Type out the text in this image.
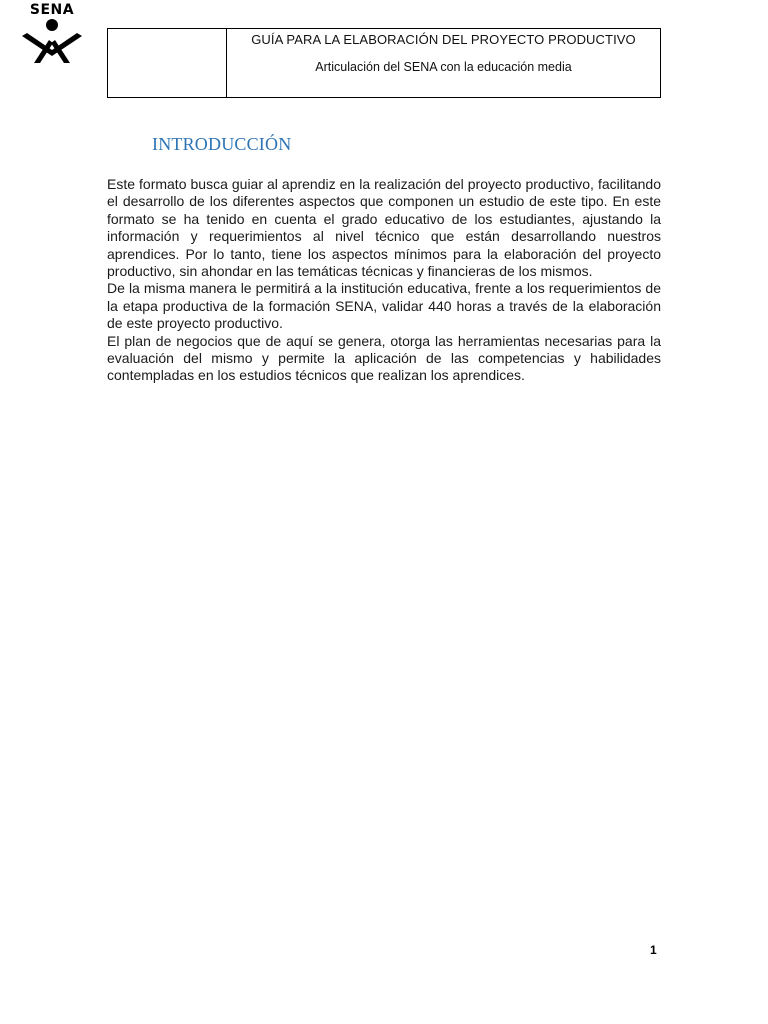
SENA
GUÍA PARA LA ELABORACIÓN DEL PROYECTO PRODUCTIVO
Articulación del SENA con la educación media
INTRODUCCIÓN

Este formato busca guiar al aprendiz en la realización del proyecto productivo, facilitando el desarrollo de los diferentes aspectos que componen un estudio de este tipo. En este formato se ha tenido en cuenta el grado educativo de los estudiantes, ajustando la información y requerimientos al nivel técnico que están desarrollando nuestros aprendices. Por lo tanto, tiene los aspectos mínimos para la elaboración del proyecto productivo, sin ahondar en las temáticas técnicas y financieras de los mismos.

De la misma manera le permitirá a la institución educativa, frente a los requerimientos de la etapa productiva de la formación SENA, validar 440 horas a través de la elaboración de este proyecto productivo.

El plan de negocios que de aquí se genera, otorga las herramientas necesarias para la evaluación del mismo y permite la aplicación de las competencias y habilidades contempladas en los estudios técnicos que realizan los aprendices.

1
